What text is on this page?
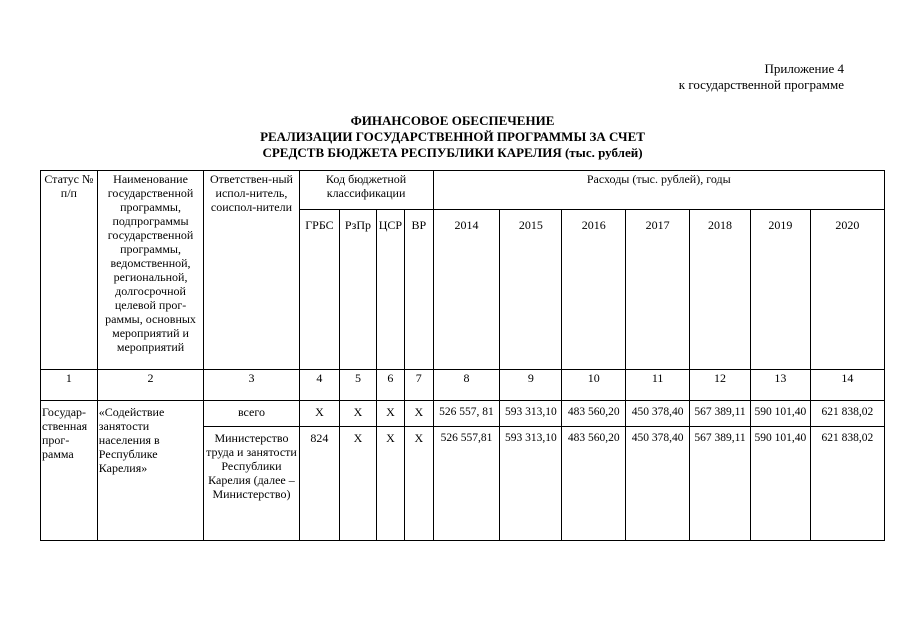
Приложение 4
к государственной программе
ФИНАНСОВОЕ ОБЕСПЕЧЕНИЕ
РЕАЛИЗАЦИИ ГОСУДАРСТВЕННОЙ ПРОГРАММЫ ЗА СЧЕТ
СРЕДСТВ БЮДЖЕТА РЕСПУБЛИКИ КАРЕЛИЯ (тыс. рублей)
Статус № п/п	Наименование государственной программы, подпрограммы государственной программы, ведомственной, региональной, долгосрочной целевой прог-раммы, основных мероприятий и мероприятий	Ответствен-ный испол-нитель, соиспол-нители	Код бюджетной классификации				Расходы (тыс. рублей), годы						
			ГРБС	РзПр	ЦСР	ВР	2014	2015	2016	2017	2018	2019	2020
1	2	3	4	5	6	7	8	9	10	11	12	13	14
Государ-ственная прог-рамма	«Содействие занятости населения в Республике Карелия»	всего	Х	Х	Х	Х	526 557, 81	593 313,10	483 560,20	450 378,40	567 389,11	590 101,40	621 838,02
		Министерство труда и занятости Республики Карелия (далее – Министерство)	824	Х	Х	Х	526 557,81	593 313,10	483 560,20	450 378,40	567 389,11	590 101,40	621 838,02
